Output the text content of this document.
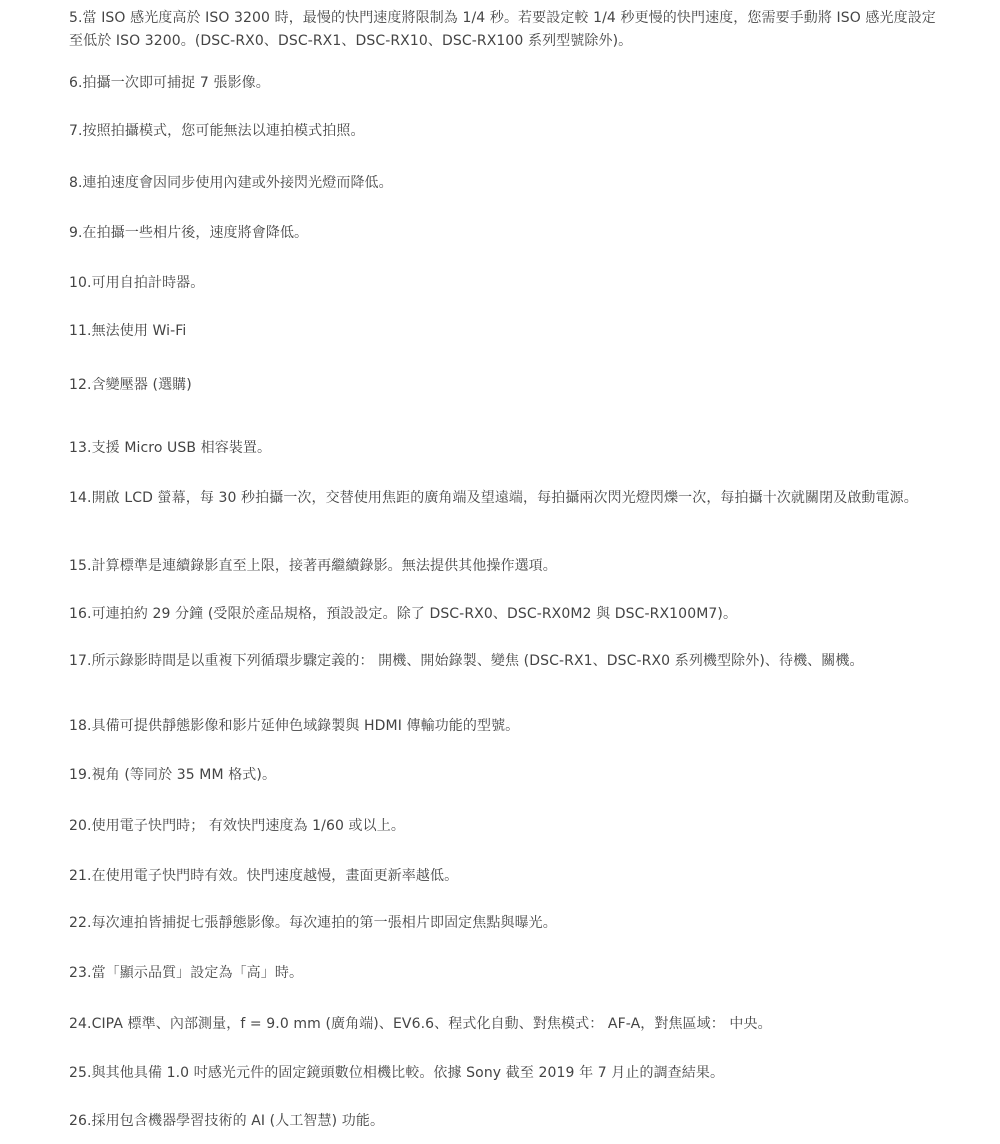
5.當 ISO 感光度高於 ISO 3200 時，最慢的快門速度將限制為 1/4 秒。若要設定較 1/4 秒更慢的快門速度，您需要手動將 ISO 感光度設定至低於 ISO 3200。(DSC-RX0、DSC-RX1、DSC-RX10、DSC-RX100 系列型號除外)。
6.拍攝一次即可捕捉 7 張影像。
7.按照拍攝模式，您可能無法以連拍模式拍照。
8.連拍速度會因同步使用內建或外接閃光燈而降低。
9.在拍攝一些相片後，速度將會降低。
10.可用自拍計時器。
11.無法使用 Wi-Fi
12.含變壓器 (選購)
13.支援 Micro USB 相容裝置。
14.開啟 LCD 螢幕，每 30 秒拍攝一次，交替使用焦距的廣角端及望遠端，每拍攝兩次閃光燈閃爍一次，每拍攝十次就關閉及啟動電源。
15.計算標準是連續錄影直至上限，接著再繼續錄影。無法提供其他操作選項。
16.可連拍約 29 分鐘 (受限於產品規格，預設設定。除了 DSC-RX0、DSC-RX0M2 與 DSC-RX100M7)。
17.所示錄影時間是以重複下列循環步驟定義的： 開機、開始錄製、變焦 (DSC-RX1、DSC-RX0 系列機型除外)、待機、關機。
18.具備可提供靜態影像和影片延伸色域錄製與 HDMI 傳輸功能的型號。
19.視角 (等同於 35 MM 格式)。
20.使用電子快門時； 有效快門速度為 1/60 或以上。
21.在使用電子快門時有效。快門速度越慢，畫面更新率越低。
22.每次連拍皆捕捉七張靜態影像。每次連拍的第一張相片即固定焦點與曝光。
23.當「顯示品質」設定為「高」時。
24.CIPA 標準、內部測量，f = 9.0 mm (廣角端)、EV6.6、程式化自動、對焦模式： AF-A，對焦區域： 中央。
25.與其他具備 1.0 吋感光元件的固定鏡頭數位相機比較。依據 Sony 截至 2019 年 7 月止的調查結果。
26.採用包含機器學習技術的 AI (人工智慧) 功能。
